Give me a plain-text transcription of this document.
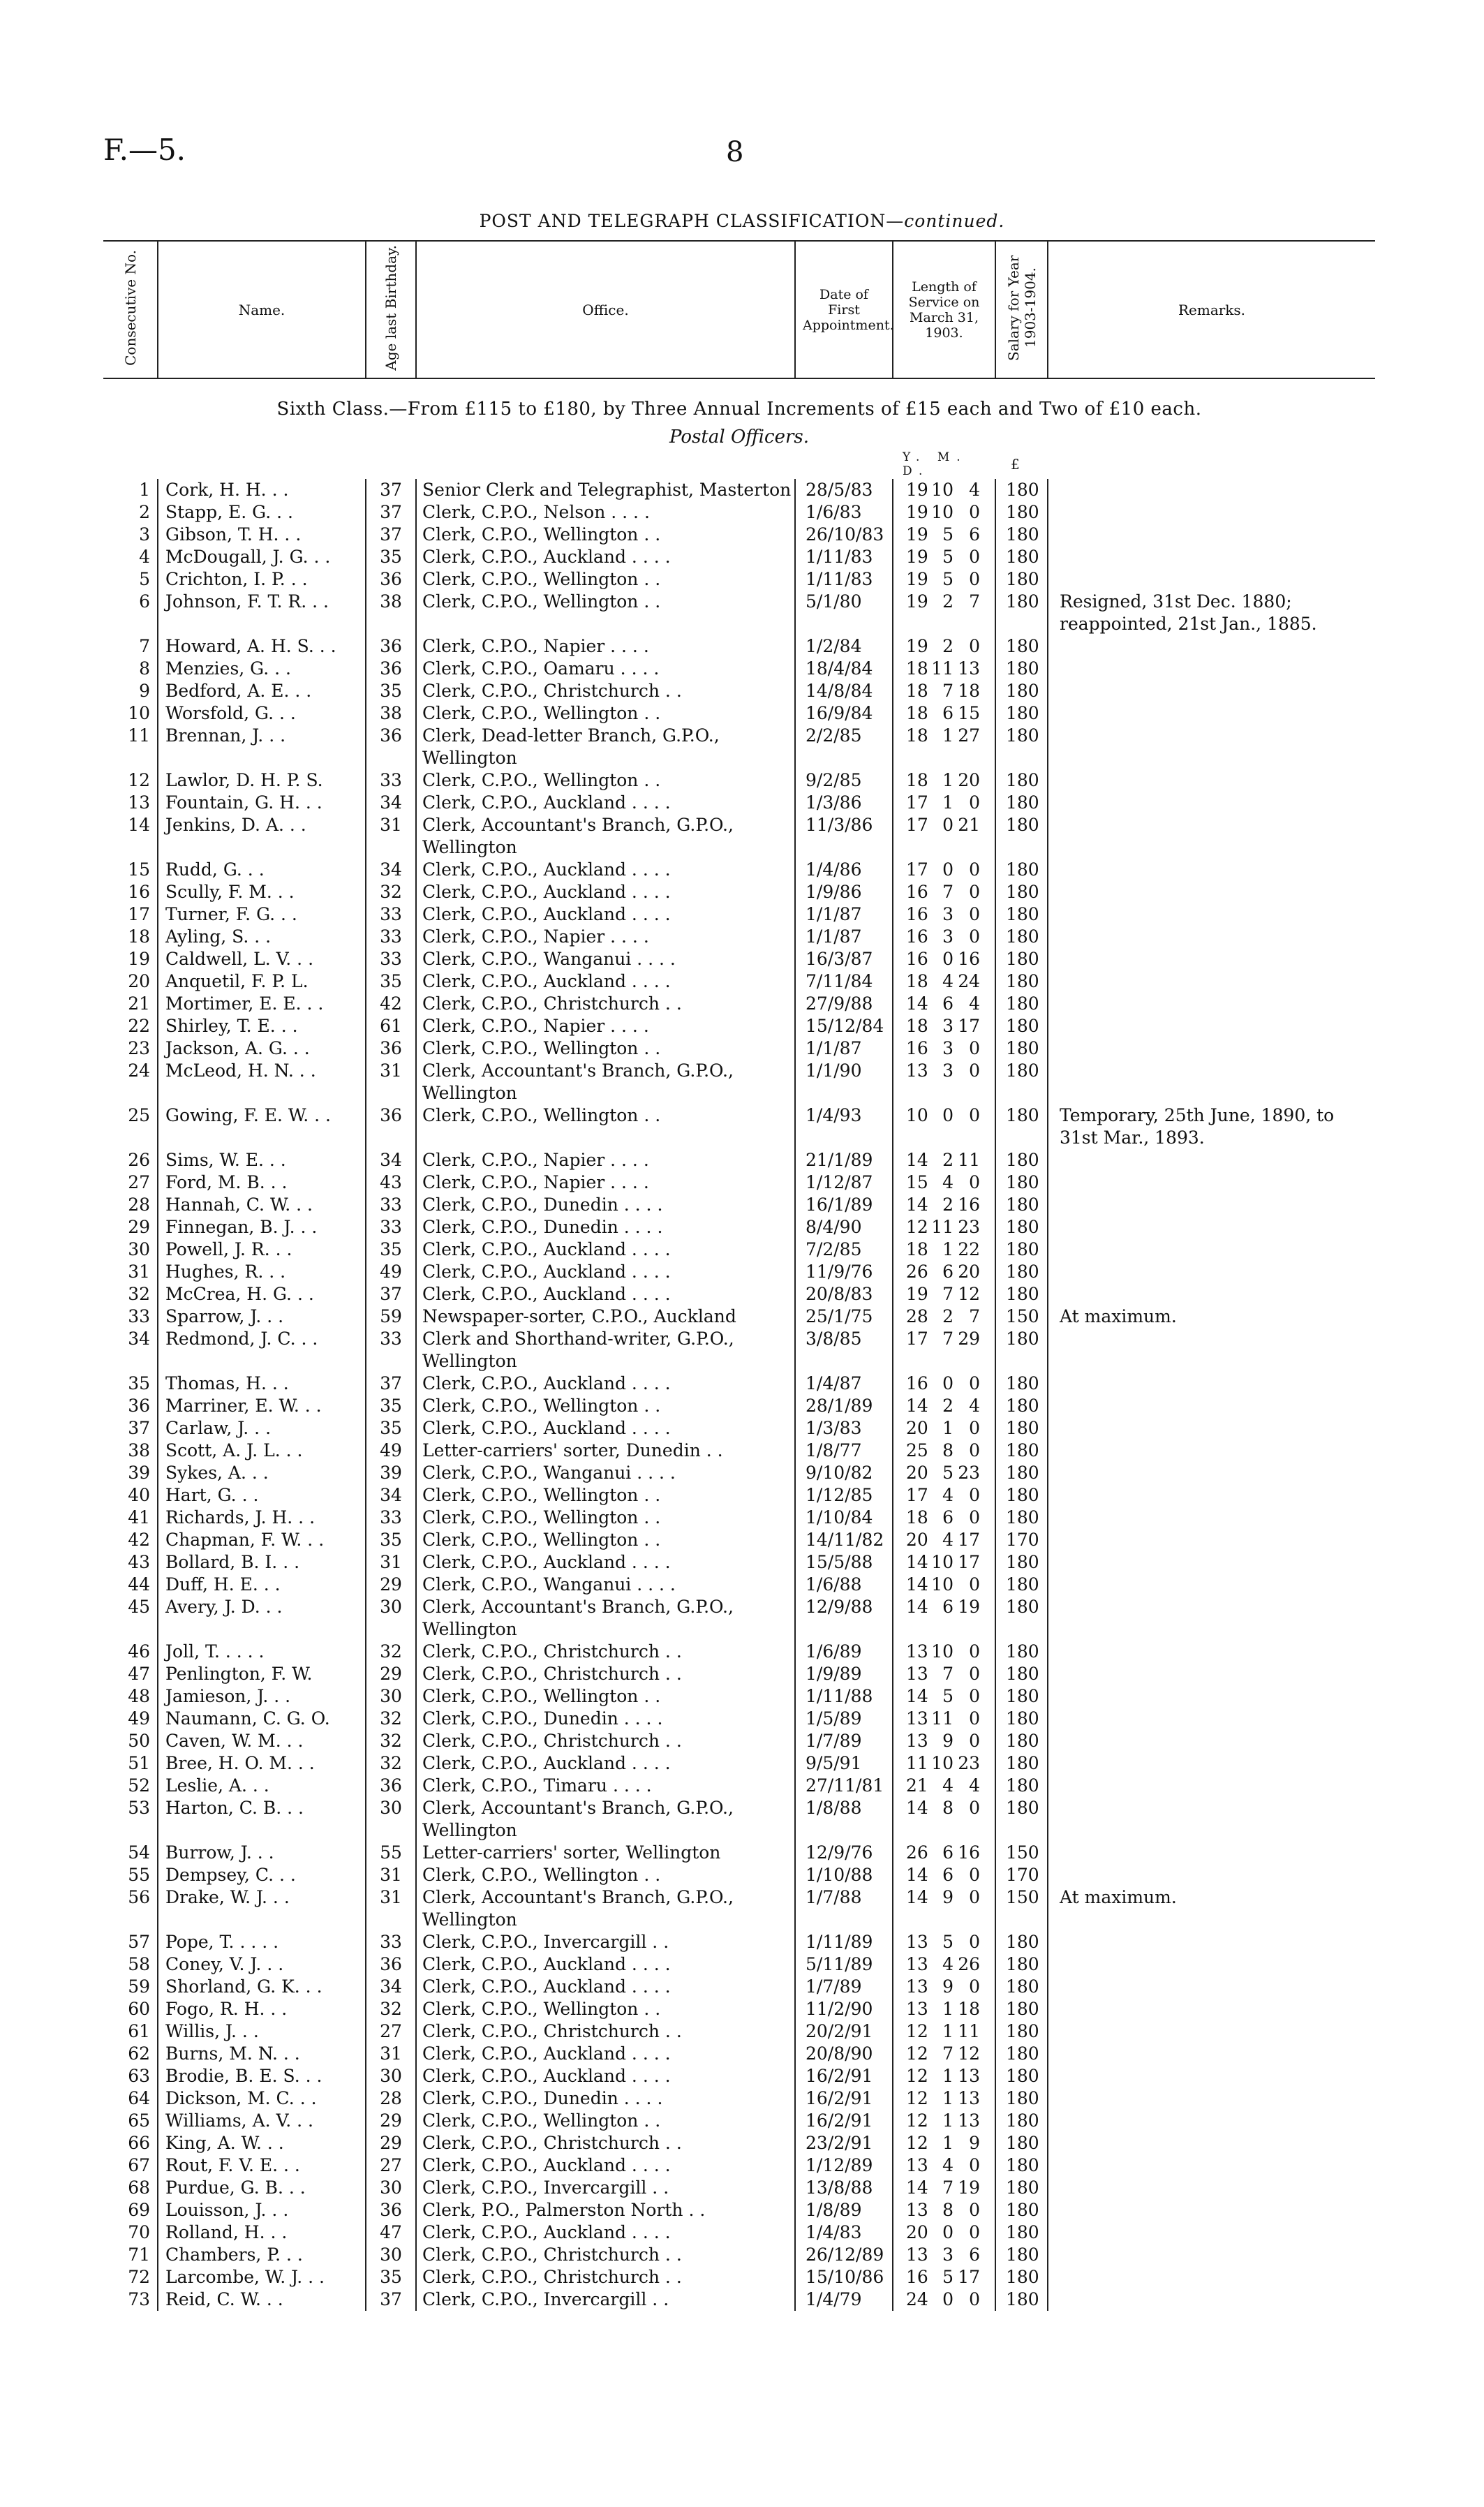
F.—5.	8
POST AND TELEGRAPH CLASSIFICATION—continued.
Consecutive No.	Name.	Age last Birthday.	Office.	Date of First Appointment.	Length of Service on March 31, 1903.	Salary for Year 1903-1904.	Remarks.
Sixth Class.—From £115 to £180, by Three Annual Increments of £15 each and Two of £10 each.							
Postal Officers.							
					Y. M. D.	£	
1	Cork, H. H. . .	37	Senior Clerk and Telegraphist, Masterton	28/5/83	19 10 4	180	
2	Stapp, E. G. . .	37	Clerk, C.P.O., Nelson . . . .	1/6/83	19 10 0	180	
3	Gibson, T. H. . .	37	Clerk, C.P.O., Wellington . .	26/10/83	19 5 6	180	
4	McDougall, J. G. . .	35	Clerk, C.P.O., Auckland . . . .	1/11/83	19 5 0	180	
5	Crichton, I. P. . .	36	Clerk, C.P.O., Wellington . .	1/11/83	19 5 0	180	
6	Johnson, F. T. R. . .	38	Clerk, C.P.O., Wellington . .	5/1/80	19 2 7	180	Resigned, 31st Dec. 1880; reappointed, 21st Jan., 1885.
7	Howard, A. H. S. . .	36	Clerk, C.P.O., Napier . . . .	1/2/84	19 2 0	180	
8	Menzies, G. . .	36	Clerk, C.P.O., Oamaru . . . .	18/4/84	18 11 13	180	
9	Bedford, A. E. . .	35	Clerk, C.P.O., Christchurch . .	14/8/84	18 7 18	180	
10	Worsfold, G. . .	38	Clerk, C.P.O., Wellington . .	16/9/84	18 6 15	180	
11	Brennan, J. . .	36	Clerk, Dead-letter Branch, G.P.O., Wellington	2/2/85	18 1 27	180	
12	Lawlor, D. H. P. S.	33	Clerk, C.P.O., Wellington . .	9/2/85	18 1 20	180	
13	Fountain, G. H. . .	34	Clerk, C.P.O., Auckland . . . .	1/3/86	17 1 0	180	
14	Jenkins, D. A. . .	31	Clerk, Accountant's Branch, G.P.O., Wellington	11/3/86	17 0 21	180	
15	Rudd, G. . .	34	Clerk, C.P.O., Auckland . . . .	1/4/86	17 0 0	180	
16	Scully, F. M. . .	32	Clerk, C.P.O., Auckland . . . .	1/9/86	16 7 0	180	
17	Turner, F. G. . .	33	Clerk, C.P.O., Auckland . . . .	1/1/87	16 3 0	180	
18	Ayling, S. . .	33	Clerk, C.P.O., Napier . . . .	1/1/87	16 3 0	180	
19	Caldwell, L. V. . .	33	Clerk, C.P.O., Wanganui . . . .	16/3/87	16 0 16	180	
20	Anquetil, F. P. L.	35	Clerk, C.P.O., Auckland . . . .	7/11/84	18 4 24	180	
21	Mortimer, E. E. . .	42	Clerk, C.P.O., Christchurch . .	27/9/88	14 6 4	180	
22	Shirley, T. E. . .	61	Clerk, C.P.O., Napier . . . .	15/12/84	18 3 17	180	
23	Jackson, A. G. . .	36	Clerk, C.P.O., Wellington . .	1/1/87	16 3 0	180	
24	McLeod, H. N. . .	31	Clerk, Accountant's Branch, G.P.O., Wellington	1/1/90	13 3 0	180	
25	Gowing, F. E. W. . .	36	Clerk, C.P.O., Wellington . .	1/4/93	10 0 0	180	Temporary, 25th June, 1890, to 31st Mar., 1893.
26	Sims, W. E. . .	34	Clerk, C.P.O., Napier . . . .	21/1/89	14 2 11	180	
27	Ford, M. B. . .	43	Clerk, C.P.O., Napier . . . .	1/12/87	15 4 0	180	
28	Hannah, C. W. . .	33	Clerk, C.P.O., Dunedin . . . .	16/1/89	14 2 16	180	
29	Finnegan, B. J. . .	33	Clerk, C.P.O., Dunedin . . . .	8/4/90	12 11 23	180	
30	Powell, J. R. . .	35	Clerk, C.P.O., Auckland . . . .	7/2/85	18 1 22	180	
31	Hughes, R. . .	49	Clerk, C.P.O., Auckland . . . .	11/9/76	26 6 20	180	
32	McCrea, H. G. . .	37	Clerk, C.P.O., Auckland . . . .	20/8/83	19 7 12	180	
33	Sparrow, J. . .	59	Newspaper-sorter, C.P.O., Auckland	25/1/75	28 2 7	150	At maximum.
34	Redmond, J. C. . .	33	Clerk and Shorthand-writer, G.P.O., Wellington	3/8/85	17 7 29	180	
35	Thomas, H. . .	37	Clerk, C.P.O., Auckland . . . .	1/4/87	16 0 0	180	
36	Marriner, E. W. . .	35	Clerk, C.P.O., Wellington . .	28/1/89	14 2 4	180	
37	Carlaw, J. . .	35	Clerk, C.P.O., Auckland . . . .	1/3/83	20 1 0	180	
38	Scott, A. J. L. . .	49	Letter-carriers' sorter, Dunedin . .	1/8/77	25 8 0	180	
39	Sykes, A. . .	39	Clerk, C.P.O., Wanganui . . . .	9/10/82	20 5 23	180	
40	Hart, G. . .	34	Clerk, C.P.O., Wellington . .	1/12/85	17 4 0	180	
41	Richards, J. H. . .	33	Clerk, C.P.O., Wellington . .	1/10/84	18 6 0	180	
42	Chapman, F. W. . .	35	Clerk, C.P.O., Wellington . .	14/11/82	20 4 17	170	
43	Bollard, B. I. . .	31	Clerk, C.P.O., Auckland . . . .	15/5/88	14 10 17	180	
44	Duff, H. E. . .	29	Clerk, C.P.O., Wanganui . . . .	1/6/88	14 10 0	180	
45	Avery, J. D. . .	30	Clerk, Accountant's Branch, G.P.O., Wellington	12/9/88	14 6 19	180	
46	Joll, T. . . . .	32	Clerk, C.P.O., Christchurch . .	1/6/89	13 10 0	180	
47	Penlington, F. W.	29	Clerk, C.P.O., Christchurch . .	1/9/89	13 7 0	180	
48	Jamieson, J. . .	30	Clerk, C.P.O., Wellington . .	1/11/88	14 5 0	180	
49	Naumann, C. G. O.	32	Clerk, C.P.O., Dunedin . . . .	1/5/89	13 11 0	180	
50	Caven, W. M. . .	32	Clerk, C.P.O., Christchurch . .	1/7/89	13 9 0	180	
51	Bree, H. O. M. . .	32	Clerk, C.P.O., Auckland . . . .	9/5/91	11 10 23	180	
52	Leslie, A. . .	36	Clerk, C.P.O., Timaru . . . .	27/11/81	21 4 4	180	
53	Harton, C. B. . .	30	Clerk, Accountant's Branch, G.P.O., Wellington	1/8/88	14 8 0	180	
54	Burrow, J. . .	55	Letter-carriers' sorter, Wellington	12/9/76	26 6 16	150	
55	Dempsey, C. . .	31	Clerk, C.P.O., Wellington . .	1/10/88	14 6 0	170	
56	Drake, W. J. . .	31	Clerk, Accountant's Branch, G.P.O., Wellington	1/7/88	14 9 0	150	At maximum.
57	Pope, T. . . . .	33	Clerk, C.P.O., Invercargill . .	1/11/89	13 5 0	180	
58	Coney, V. J. . .	36	Clerk, C.P.O., Auckland . . . .	5/11/89	13 4 26	180	
59	Shorland, G. K. . .	34	Clerk, C.P.O., Auckland . . . .	1/7/89	13 9 0	180	
60	Fogo, R. H. . .	32	Clerk, C.P.O., Wellington . .	11/2/90	13 1 18	180	
61	Willis, J. . .	27	Clerk, C.P.O., Christchurch . .	20/2/91	12 1 11	180	
62	Burns, M. N. . .	31	Clerk, C.P.O., Auckland . . . .	20/8/90	12 7 12	180	
63	Brodie, B. E. S. . .	30	Clerk, C.P.O., Auckland . . . .	16/2/91	12 1 13	180	
64	Dickson, M. C. . .	28	Clerk, C.P.O., Dunedin . . . .	16/2/91	12 1 13	180	
65	Williams, A. V. . .	29	Clerk, C.P.O., Wellington . .	16/2/91	12 1 13	180	
66	King, A. W. . .	29	Clerk, C.P.O., Christchurch . .	23/2/91	12 1 9	180	
67	Rout, F. V. E. . .	27	Clerk, C.P.O., Auckland . . . .	1/12/89	13 4 0	180	
68	Purdue, G. B. . .	30	Clerk, C.P.O., Invercargill . .	13/8/88	14 7 19	180	
69	Louisson, J. . .	36	Clerk, P.O., Palmerston North . .	1/8/89	13 8 0	180	
70	Rolland, H. . .	47	Clerk, C.P.O., Auckland . . . .	1/4/83	20 0 0	180	
71	Chambers, P. . .	30	Clerk, C.P.O., Christchurch . .	26/12/89	13 3 6	180	
72	Larcombe, W. J. . .	35	Clerk, C.P.O., Christchurch . .	15/10/86	16 5 17	180	
73	Reid, C. W. . .	37	Clerk, C.P.O., Invercargill . .	1/4/79	24 0 0	180	
